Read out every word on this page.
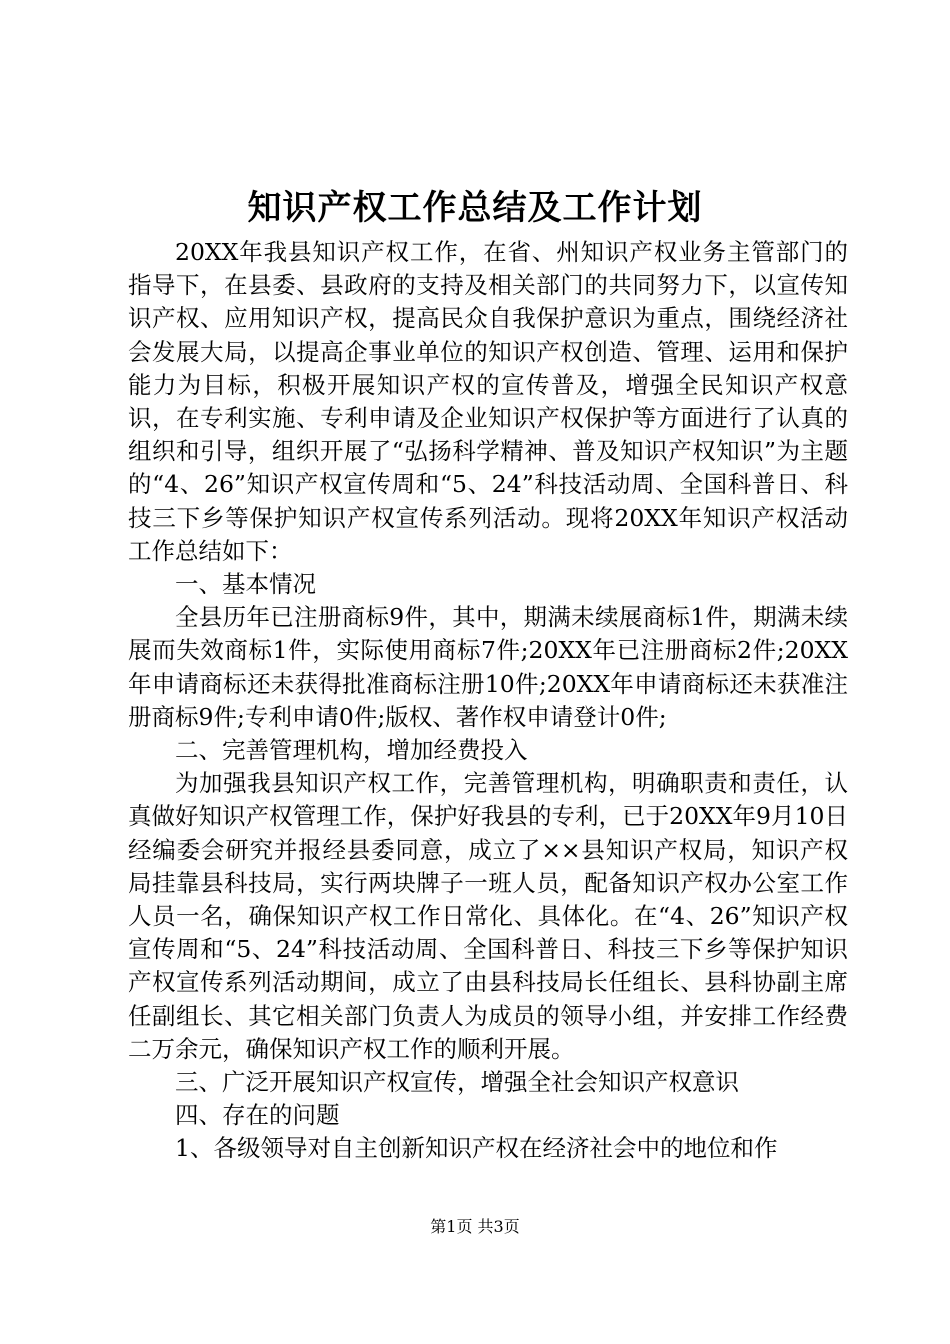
知识产权工作总结及工作计划

20XX年我县知识产权工作，在省、州知识产权业务主管部门的指导下，在县委、县政府的支持及相关部门的共同努力下，以宣传知识产权、应用知识产权，提高民众自我保护意识为重点，围绕经济社会发展大局，以提高企事业单位的知识产权创造、管理、运用和保护能力为目标，积极开展知识产权的宣传普及，增强全民知识产权意识，在专利实施、专利申请及企业知识产权保护等方面进行了认真的组织和引导，组织开展了“弘扬科学精神、普及知识产权知识”为主题的“4、26”知识产权宣传周和“5、24”科技活动周、全国科普日、科技三下乡等保护知识产权宣传系列活动。现将20XX年知识产权活动工作总结如下：

一、基本情况

全县历年已注册商标9件，其中，期满未续展商标1件，期满未续展而失效商标1件，实际使用商标7件;20XX年已注册商标2件;20XX年申请商标还未获得批准商标注册10件;20XX年申请商标还未获准注册商标9件;专利申请0件;版权、著作权申请登计0件;

二、完善管理机构，增加经费投入

为加强我县知识产权工作，完善管理机构，明确职责和责任，认真做好知识产权管理工作，保护好我县的专利，已于20XX年9月10日经编委会研究并报经县委同意，成立了××县知识产权局，知识产权局挂靠县科技局，实行两块牌子一班人员，配备知识产权办公室工作人员一名，确保知识产权工作日常化、具体化。在“4、26”知识产权宣传周和“5、24”科技活动周、全国科普日、科技三下乡等保护知识产权宣传系列活动期间，成立了由县科技局长任组长、县科协副主席任副组长、其它相关部门负责人为成员的领导小组，并安排工作经费二万余元，确保知识产权工作的顺利开展。

三、广泛开展知识产权宣传，增强全社会知识产权意识

四、存在的问题

1、各级领导对自主创新知识产权在经济社会中的地位和作

第1页 共3页
